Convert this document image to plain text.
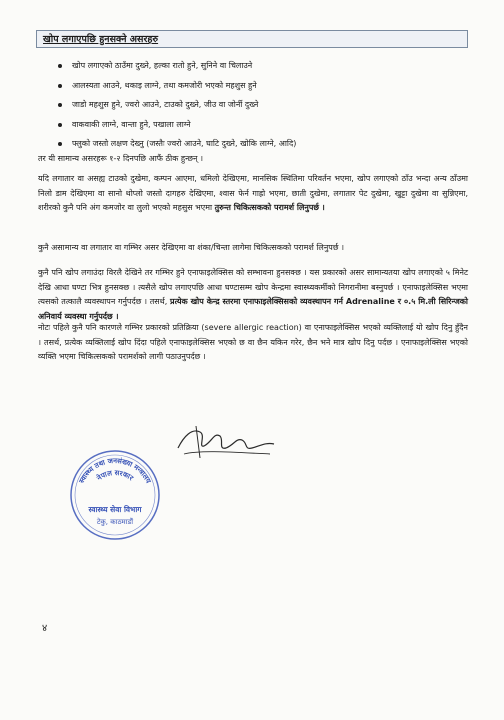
खोप लगाएपछि हुनसक्ने असरहरु
खोप लगाएको ठाउँमा दुख्ने, हल्का रातो हुने, सुनिने वा चिलाउने
आलस्यता आउने, थकाइ लाग्ने, तथा कमजोरी भएको महशुस हुने
जाडो महशुस हुने, ज्वरो आउने, टाउको दुख्ने, जीउ वा जोर्नी दुख्ने
वाकवाकी लाग्ने, वान्ता हुने, पखाला लाग्ने
फ्लुको जस्तो लक्षण देख्नु (जस्तैः ज्वरो आउने, घाटि दुख्ने, खोकि लाग्ने, आदि)
तर यी सामान्य असरहरू १-२ दिनपछि आफैं ठीक हुन्छन् ।
यदि लगातार वा असह्य टाउको दुखेमा, कम्पन आएमा, धमिलो देखिएमा, मानसिक स्थितिमा परिवर्तन भएमा, खोप लगाएको ठाँउ भन्दा अन्य ठाँउमा निलो डाम देखिएमा वा सानो थोप्लो जस्तो दागहरु देखिएमा, श्वास फेर्न गाह्रो भएमा, छाती दुखेमा, लगातार पेट दुखेमा, खुट्टा दुखेमा वा सुन्निएमा, शरीरको कुनै पनि अंग कमजोर वा लुलो भएको महसुस भएमा तुरुन्त चिकित्सकको परामर्श लिनुपर्छ ।
कुनै असामान्य वा लगातार वा गम्भिर असर देखिएमा वा शंका/चिन्ता लागेमा चिकित्सकको परामर्श लिनुपर्छ ।
कुनै पनि खोप लगाउंदा विरलै देखिने तर गम्भिर हुने एनाफाइलेक्सिस को सम्भावना हुनसक्छ । यस प्रकारको असर सामान्यतया खोप लगाएको ५ मिनेट देखि आधा घण्टा भित्र हुनसक्छ । त्यसैले खोप लगाएपछि आधा घण्टासम्म खोप केन्द्रमा स्वास्थ्यकर्मीको निगरानीमा बस्नुपर्छ । एनाफाइलेक्सिस भएमा त्यसको तत्कालै व्यवस्थापन गर्नुपर्दछ । तसर्थ, प्रत्येक खोप केन्द्र स्तरमा एनाफाइलेक्सिसको व्यवस्थापन गर्न Adrenaline र ०.५ मि.ली सिरिन्जको अनिवार्य व्यवस्था गर्नुपर्दछ ।
नोटः पहिले कुनै पनि कारणले गम्भिर प्रकारको प्रतिक्रिया (severe allergic reaction) वा एनाफाइलेक्सिस भएको व्यक्तिलाई यो खोप दिनु हुँदैन । तसर्थ, प्रत्येक व्यक्तिलाई खोप दिंदा पहिले एनाफाइलेक्सिस भएको छ वा छैन यकिन गरेर, छैन भने मात्र खोप दिनु पर्दछ । एनाफाइलेक्सिस भएको व्यक्ति भएमा चिकित्सकको परामर्शको लागी पठाउनुपर्दछ ।
स्वास्थ्य तथा जनसंख्या मन्त्रालय
नेपाल सरकार
स्वास्थ्य सेवा विभाग
टेकु, काठमाडौं
४
